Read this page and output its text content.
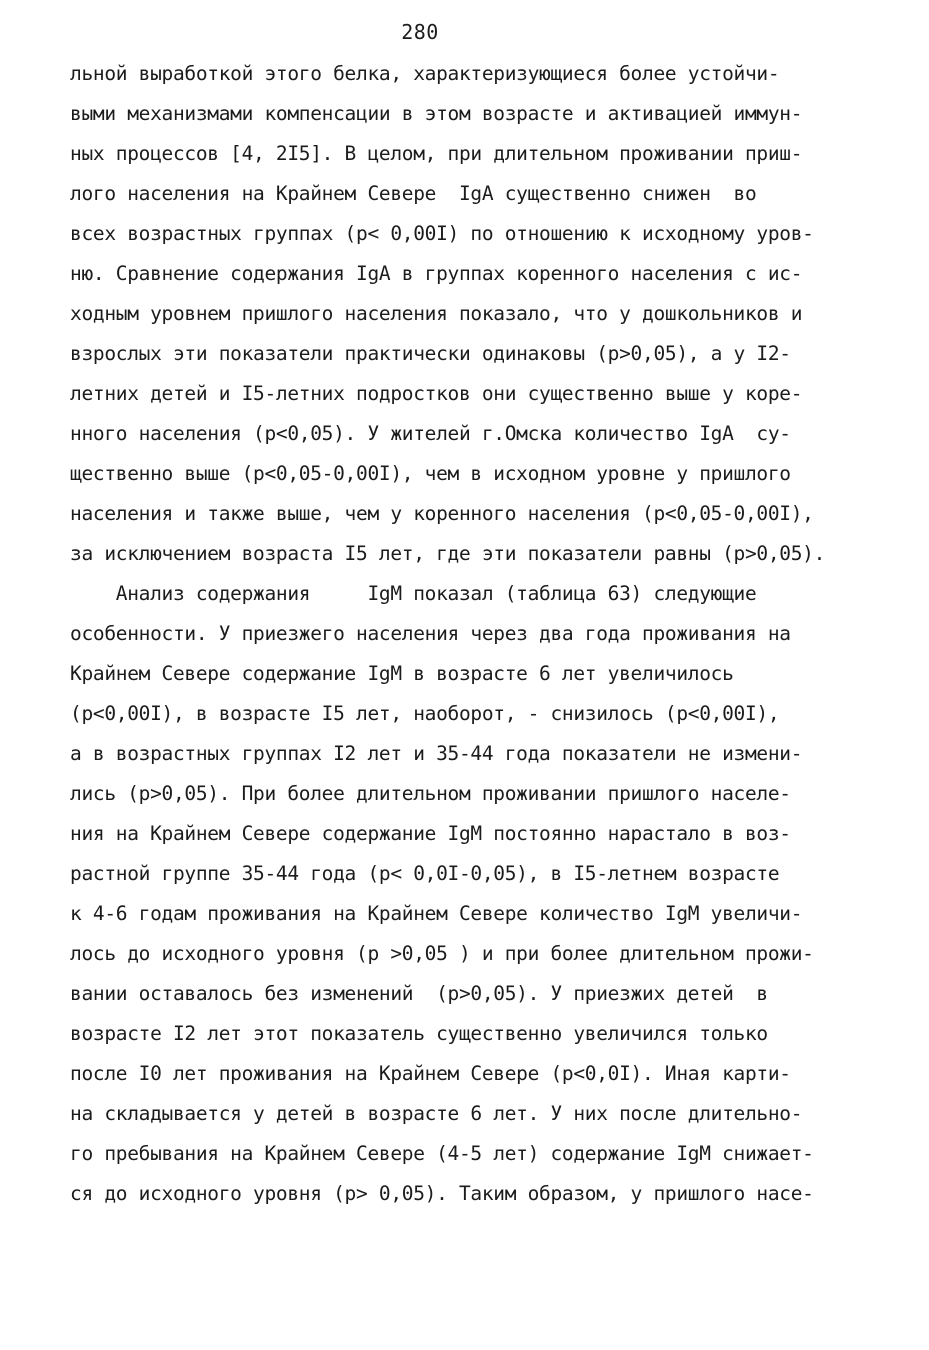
280
льной выработкой этого белка, характеризующиеся более устойчи-
выми механизмами компенсации в этом возрасте и активацией иммун-
ных процессов [4, 2I5]. В целом, при длительном проживании приш-
лого населения на Крайнем Севере  IgA существенно снижен  во
всех возрастных группах (p< 0,00I) по отношению к исходному уров-
ню. Сравнение содержания IgA в группах коренного населения с ис-
ходным уровнем пришлого населения показало, что у дошкольников и
взрослых эти показатели практически одинаковы (p>0,05), а у I2-
летних детей и I5-летних подростков они существенно выше у коре-
нного населения (p<0,05). У жителей г.Омска количество IgA  су-
щественно выше (p<0,05-0,00I), чем в исходном уровне у пришлого
населения и также выше, чем у коренного населения (p<0,05-0,00I),
за исключением возраста I5 лет, где эти показатели равны (p>0,05).
Анализ содержания     IgM показал (таблица 63) следующие
особенности. У приезжего населения через два года проживания на
Крайнем Севере содержание IgM в возрасте 6 лет увеличилось
(p<0,00I), в возрасте I5 лет, наоборот, - снизилось (p<0,00I),
а в возрастных группах I2 лет и 35-44 года показатели не измени-
лись (p>0,05). При более длительном проживании пришлого населе-
ния на Крайнем Севере содержание IgM постоянно нарастало в воз-
растной группе 35-44 года (p< 0,0I-0,05), в I5-летнем возрасте
к 4-6 годам проживания на Крайнем Севере количество IgM увеличи-
лось до исходного уровня (p >0,05 ) и при более длительном прожи-
вании оставалось без изменений  (p>0,05). У приезжих детей  в
возрасте I2 лет этот показатель существенно увеличился только
после I0 лет проживания на Крайнем Севере (p<0,0I). Иная карти-
на складывается у детей в возрасте 6 лет. У них после длительно-
го пребывания на Крайнем Севере (4-5 лет) содержание IgM снижает-
ся до исходного уровня (p> 0,05). Таким образом, у пришлого насе-
